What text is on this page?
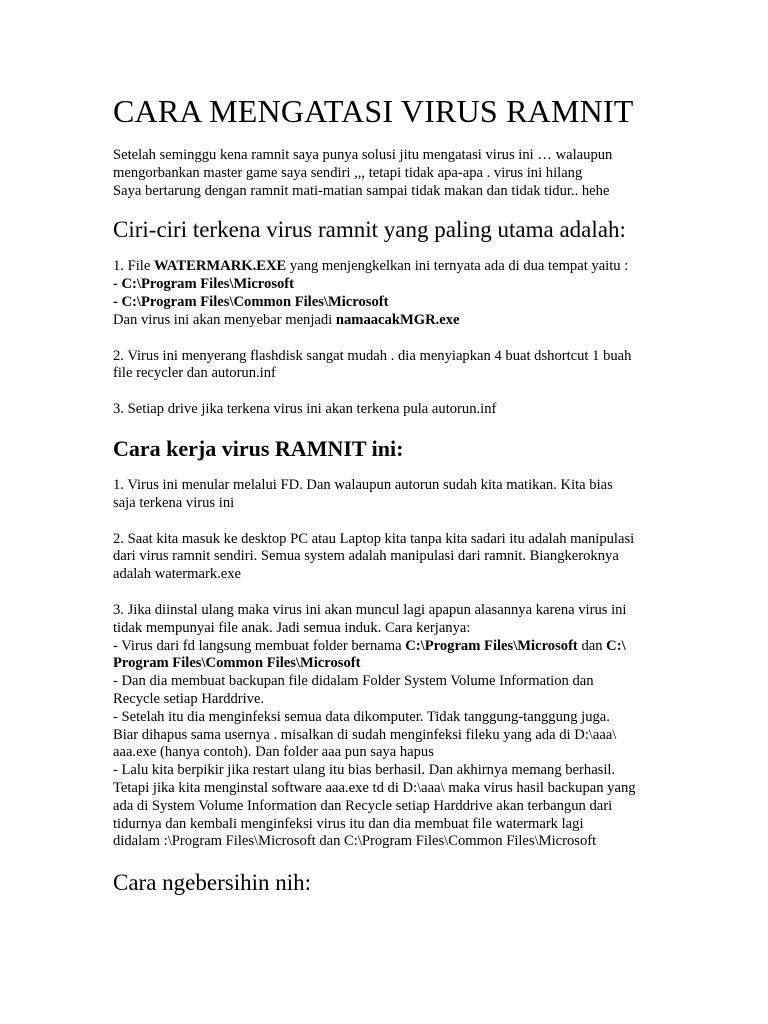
CARA MENGATASI VIRUS RAMNIT

Setelah seminggu kena ramnit saya punya solusi jitu mengatasi virus ini … walaupun
mengorbankan master game saya sendiri ,,, tetapi tidak apa-apa . virus ini hilang
Saya bertarung dengan ramnit mati-matian sampai tidak makan dan tidak tidur.. hehe

Ciri-ciri terkena virus ramnit yang paling utama adalah:

1. File WATERMARK.EXE yang menjengkelkan ini ternyata ada di dua tempat yaitu :
- C:\Program Files\Microsoft
- C:\Program Files\Common Files\Microsoft
Dan virus ini akan menyebar menjadi namaacakMGR.exe

2. Virus ini menyerang flashdisk sangat mudah . dia menyiapkan 4 buat dshortcut 1 buah
file recycler dan autorun.inf

3. Setiap drive jika terkena virus ini akan terkena pula autorun.inf

Cara kerja virus RAMNIT ini:

1. Virus ini menular melalui FD. Dan walaupun autorun sudah kita matikan. Kita bias
saja terkena virus ini

2. Saat kita masuk ke desktop PC atau Laptop kita tanpa kita sadari itu adalah manipulasi
dari virus ramnit sendiri. Semua system adalah manipulasi dari ramnit. Biangkeroknya
adalah watermark.exe

3. Jika diinstal ulang maka virus ini akan muncul lagi apapun alasannya karena virus ini
tidak mempunyai file anak. Jadi semua induk. Cara kerjanya:
- Virus dari fd langsung membuat folder bernama C:\Program Files\Microsoft dan C:\
Program Files\Common Files\Microsoft
- Dan dia membuat backupan file didalam Folder System Volume Information dan
Recycle setiap Harddrive.
- Setelah itu dia menginfeksi semua data dikomputer. Tidak tanggung-tanggung juga.
Biar dihapus sama usernya . misalkan di sudah menginfeksi fileku yang ada di D:\aaa\
aaa.exe (hanya contoh). Dan folder aaa pun saya hapus
- Lalu kita berpikir jika restart ulang itu bias berhasil. Dan akhirnya memang berhasil.
Tetapi jika kita menginstal software aaa.exe td di D:\aaa\ maka virus hasil backupan yang
ada di System Volume Information dan Recycle setiap Harddrive akan terbangun dari
tidurnya dan kembali menginfeksi virus itu dan dia membuat file watermark lagi
didalam :\Program Files\Microsoft dan C:\Program Files\Common Files\Microsoft

Cara ngebersihin nih:
